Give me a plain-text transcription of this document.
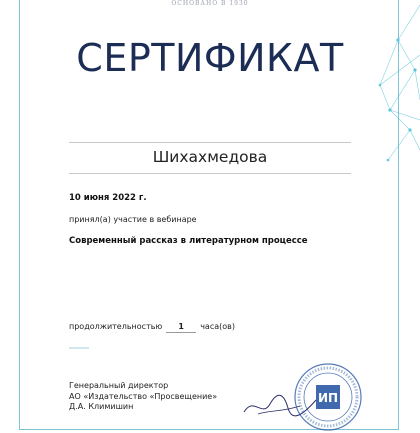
ОСНОВАНО В 1930
СЕРТИФИКАТ
Шихахмедова
10 июня 2022 г.
принял(а) участие в вебинаре
Современный рассказ в литературном процессе
продолжительностью 1 часа(ов)
Генеральный директор
АО «Издательство «Просвещение»
Д.А. Климишин
ИП
